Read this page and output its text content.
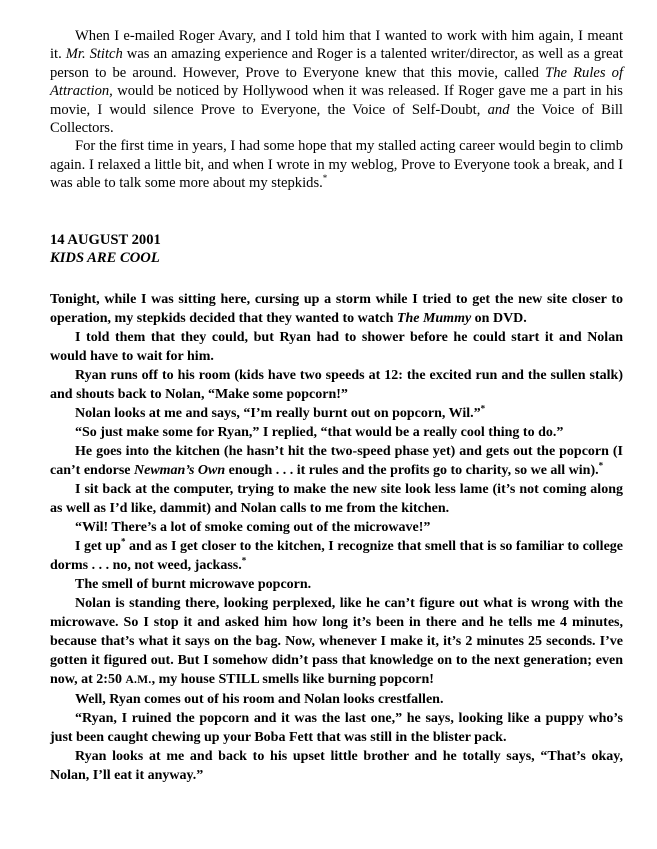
When I e-mailed Roger Avary, and I told him that I wanted to work with him again, I meant it. Mr. Stitch was an amazing experience and Roger is a talented writer/director, as well as a great person to be around. However, Prove to Everyone knew that this movie, called The Rules of Attraction, would be noticed by Hollywood when it was released. If Roger gave me a part in his movie, I would silence Prove to Everyone, the Voice of Self-Doubt, and the Voice of Bill Collectors.

For the first time in years, I had some hope that my stalled acting career would begin to climb again. I relaxed a little bit, and when I wrote in my weblog, Prove to Everyone took a break, and I was able to talk some more about my stepkids.*

14 AUGUST 2001
KIDS ARE COOL

Tonight, while I was sitting here, cursing up a storm while I tried to get the new site closer to operation, my stepkids decided that they wanted to watch The Mummy on DVD.

I told them that they could, but Ryan had to shower before he could start it and Nolan would have to wait for him.

Ryan runs off to his room (kids have two speeds at 12: the excited run and the sullen stalk) and shouts back to Nolan, “Make some popcorn!”

Nolan looks at me and says, “I’m really burnt out on popcorn, Wil.”*

“So just make some for Ryan,” I replied, “that would be a really cool thing to do.”

He goes into the kitchen (he hasn’t hit the two-speed phase yet) and gets out the popcorn (I can’t endorse Newman’s Own enough . . . it rules and the profits go to charity, so we all win).*

I sit back at the computer, trying to make the new site look less lame (it’s not coming along as well as I’d like, dammit) and Nolan calls to me from the kitchen.

“Wil! There’s a lot of smoke coming out of the microwave!”

I get up* and as I get closer to the kitchen, I recognize that smell that is so familiar to college dorms . . . no, not weed, jackass.*

The smell of burnt microwave popcorn.

Nolan is standing there, looking perplexed, like he can’t figure out what is wrong with the microwave. So I stop it and asked him how long it’s been in there and he tells me 4 minutes, because that’s what it says on the bag. Now, whenever I make it, it’s 2 minutes 25 seconds. I’ve gotten it figured out. But I somehow didn’t pass that knowledge on to the next generation; even now, at 2:50 A.M., my house STILL smells like burning popcorn!

Well, Ryan comes out of his room and Nolan looks crestfallen.

“Ryan, I ruined the popcorn and it was the last one,” he says, looking like a puppy who’s just been caught chewing up your Boba Fett that was still in the blister pack.

Ryan looks at me and back to his upset little brother and he totally says, “That’s okay, Nolan, I’ll eat it anyway.”
